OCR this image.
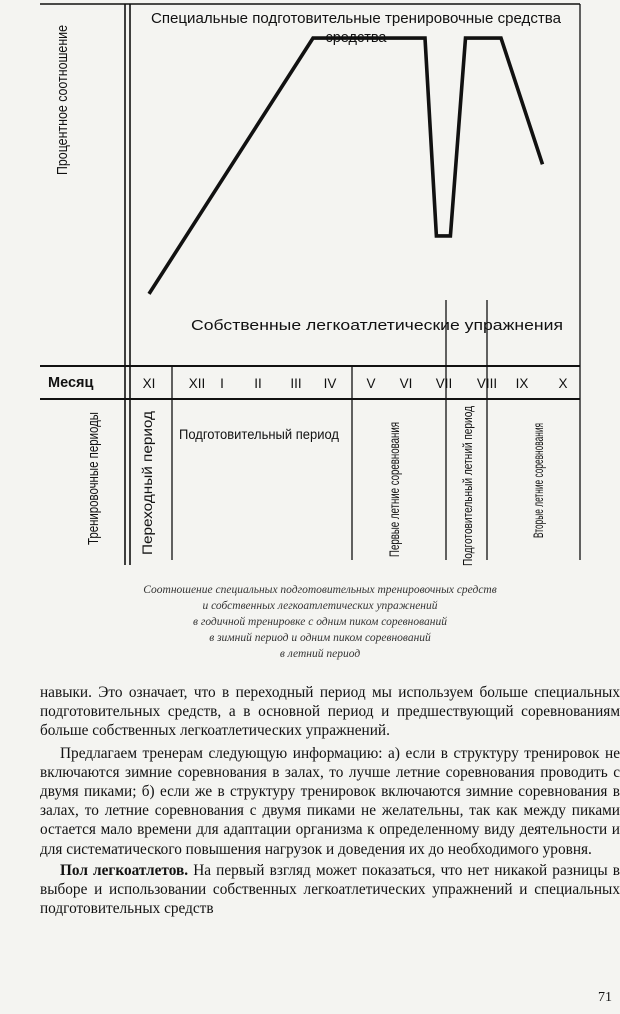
Специальные подготовительные тренировочные средства
средства
Процентное соотношение
Собственные легкоатлетические упражнения
Месяц	XI XII I II III IV V VI VII VIII IX X
Тренировочные периоды	Переходный период Подготовительный период	Первые летние соревнования	Подготовительный летний период	Вторые летние соревнования
Соотношение специальных подготовительных тренировочных средств
и собственных легкоатлетических упражнений
в годичной тренировке с одним пиком соревнований
в зимний период и одним пиком соревнований
в летний период

навыки. Это означает, что в переходный период мы используем больше специальных подготовительных средств, а в основной период и предшествующий соревнованиям больше собственных легкоатлетических упражнений.

Предлагаем тренерам следующую информацию: а) если в структуру тренировок не включаются зимние соревнования в залах, то лучше летние соревнования проводить с двумя пиками; б) если же в структуру тренировок включаются зимние соревнования в залах, то летние соревнования с двумя пиками не желательны, так как между пиками остается мало времени для адаптации организма к определенному виду деятельности и для систематического повышения нагрузок и доведения их до необходимого уровня.

Пол легкоатлетов. На первый взгляд может показаться, что нет никакой разницы в выборе и использовании собственных легкоатлетических упражнений и специальных подготовительных средств

71
